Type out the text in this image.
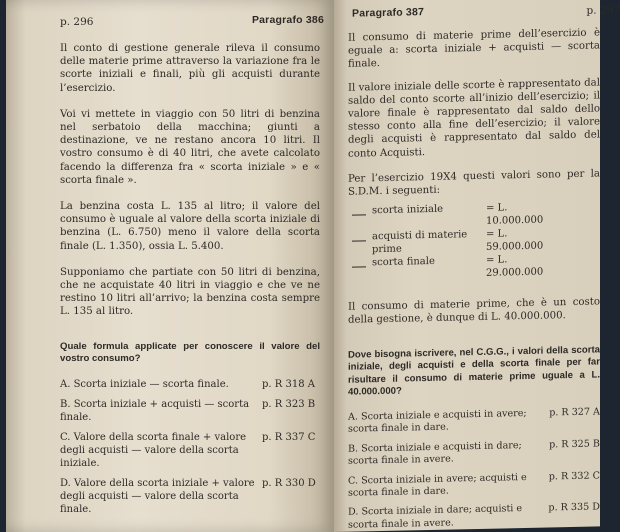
p. 296	Paragrafo 386

Il conto di gestione generale rileva il consumo delle materie prime attraverso la variazione fra le scorte iniziali e finali, più gli acquisti durante l’esercizio.

Voi vi mettete in viaggio con 50 litri di benzina nel serbatoio della macchina; giunti a destinazione, ve ne restano ancora 10 litri. Il vostro consumo è di 40 litri, che avete calcolato facendo la differenza fra « scorta iniziale » e « scorta finale ».

La benzina costa L. 135 al litro; il valore del consumo è uguale al valore della scorta iniziale di benzina (L. 6.750) meno il valore della scorta finale (L. 1.350), ossia L. 5.400.

Supponiamo che partiate con 50 litri di benzina, che ne acquistate 40 litri in viaggio e che ve ne restino 10 litri all’arrivo; la benzina costa sempre L. 135 al litro.

Quale formula applicate per conoscere il valore del vostro consumo?

A. Scorta iniziale — scorta finale.	p. R 318 A
B. Scorta iniziale + acquisti — scorta finale.
p. R 323 B
C. Valore della scorta finale + valore degli acquisti — valore della scorta iniziale.
p. R 337 C
D. Valore della scorta iniziale + valore degli acquisti — valore della scorta finale.
p. R 330 D
Paragrafo 387	p. 297

Il consumo di materie prime dell’esercizio è eguale a: scorta iniziale + acquisti — scorta finale.

Il valore iniziale delle scorte è rappresentato dal saldo del conto scorte all’inizio dell’esercizio; il valore finale è rappresentato dal saldo dello stesso conto alla fine dell’esercizio; il valore degli acquisti è rappresentato dal saldo del conto Acquisti.

Per l’esercizio 19X4 questi valori sono per la S.D.M. i seguenti:

scorta iniziale	= L. 10.000.000
acquisti di materie prime
= L. 59.000.000
scorta finale	= L. 29.000.000

Il consumo di materie prime, che è un costo della gestione, è dunque di L. 40.000.000.

Dove bisogna iscrivere, nel C.G.G., i valori della scorta iniziale, degli acquisti e della scorta finale per far risultare il consumo di materie prime uguale a L. 40.000.000?

A. Scorta iniziale e acquisti in avere; scorta finale in dare.
p. R 327 A
B. Scorta iniziale e acquisti in dare; scorta finale in avere.
p. R 325 B
C. Scorta iniziale in avere; acquisti e scorta finale in dare.
p. R 332 C
D. Scorta iniziale in dare; acquisti e scorta finale in avere.
p. R 335 D
